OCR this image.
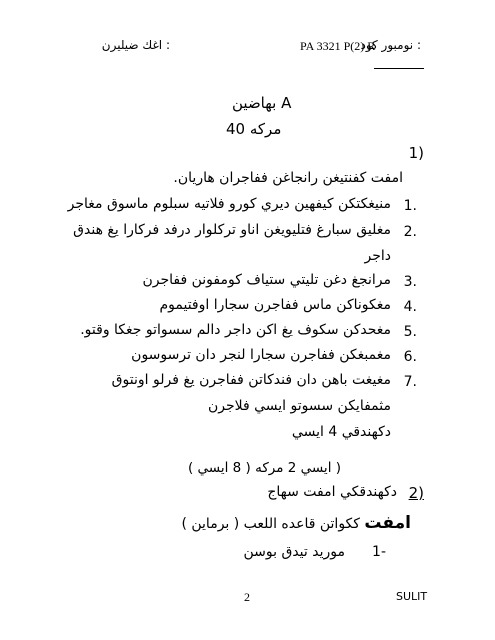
اغك ضيليرن :	نومبور كود :
PA 3321 P(2) R
بهاضين A
40 مركه
1)
امفت كفنتيغن رانجاغن ففاجران هاريان.
1.
منيغكتكن كيفهين ديري كورو فلاتيه سبلوم ماسوق مغاجر
2.
مغليق سبارغ فتليويغن اناو تركلوار درفد فركارا يغ هندق
داجر
3.
مرانجغ دغن تليتي ستياف كومفونن ففاجرن
4.
مغكوناكن ماس ففاجرن سجارا اوفتيموم
5.
مغحدكن سكوف يغ اكن داجر دالم سسواتو جغكا وقتو.
6.
مغمبغكن ففاجرن سجارا لنجر دان ترسوسون
7.
مغيغت باهن دان فندكاتن ففاجرن يغ فرلو اونتوق
مثمفايكن سسوتو ايسي فلاجرن
دكهندقي 4 ايسي
( ايسي 2 مركه ( 8 ايسي )
2)
دكهندقكي امفت سهاج
امفت ككواتن قاعده اللعب ( برماين )
1-
موريد تيدق بوسن
2	SULIT
